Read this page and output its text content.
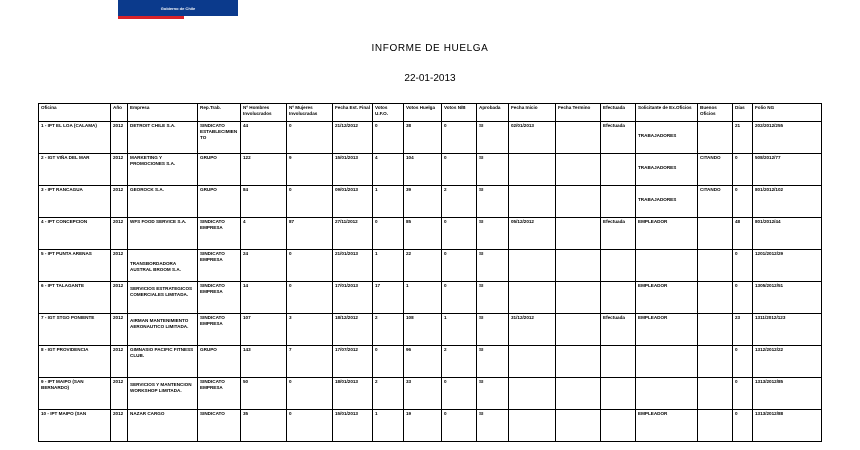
Gobierno de Chile
INFORME DE HUELGA
22-01-2013
Oficina	Año	Empresa	Rep.Trab.	Nº Hombres Involucrados	Nº Mujeres Involucradas	Fecha Est. Final	Votos U.F.O.	Votos Huelga	Votos N/B	Aprobada	Fecha Inicio	Fecha Termino	Efectuada	Solicitante de Ex.Oficios	Buenos Oficios	Días	Folio NG
1 - IPT EL LOA (CALAMA)	2012	DETROIT CHILE S.A.	SINDICATO ESTABLECIMIENTO	44	0	21/12/2012	0	38	0	SI	02/01/2013		Efectuada	TRABAJADORES		21	202/2012/255
2 - IGT VIÑA DEL MAR	2012	MARKETING Y PROMOCIONES S.A.	GRUPO	122	9	15/01/2013	4	104	0	SI				TRABAJADORES	CITANDO	0	508/2012/77
3 - IPT RANCAGUA	2012	GEOROCK S.A.	GRUPO	84	0	09/01/2013	1	39	2	SI				TRABAJADORES	CITANDO	0	801/2012/102
4 - IPT CONCEPCION	2012	WFS FOOD SERVICE S.A.	SINDICATO EMPRESA	4	87	27/11/2012	0	85	0	SI	05/12/2012		Efectuada	EMPLEADOR		48	801/2012/44
5 - IPT PUNTA ARENAS	2012	TRANSBORDADORA AUSTRAL BROOM S.A.	SINDICATO EMPRESA	24	0	21/01/2013	1	22	0	SI						0	1201/2012/29
6 - IPT TALAGANTE	2012	SERVICIOS ESTRATEGICOS COMERCIALES LIMITADA.	SINDICATO EMPRESA	14	0	17/01/2013	17	1	0	SI				EMPLEADOR		0	1305/2012/51
7 - IGT STGO PONIENTE	2012	AIRMAN MANTENIMIENTO AERONAUTICO LIMITADA.	SINDICATO EMPRESA	107	3	18/12/2012	2	108	1	SI	31/12/2012		Efectuada	EMPLEADOR		23	1311/2012/123
8 - IGT PROVIDENCIA	2012	GIMNASIO PACIFIC FITNESS CLUB.	GRUPO	143	7	17/07/2012	0	96	2	SI						0	1312/2012/22
9 - IPT MAIPO (SAN BERNARDO)	2012	SERVICIOS Y MANTENCION WORKSHOP LIMITADA.	SINDICATO EMPRESA	50	0	18/01/2013	2	33	0	SI						0	1313/2012/85
10 - IPT MAIPO (SAN	2012	NAZAR CARGO	SINDICATO	35	0	15/01/2013	1	19	0	SI				EMPLEADOR		0	1313/2012/88
